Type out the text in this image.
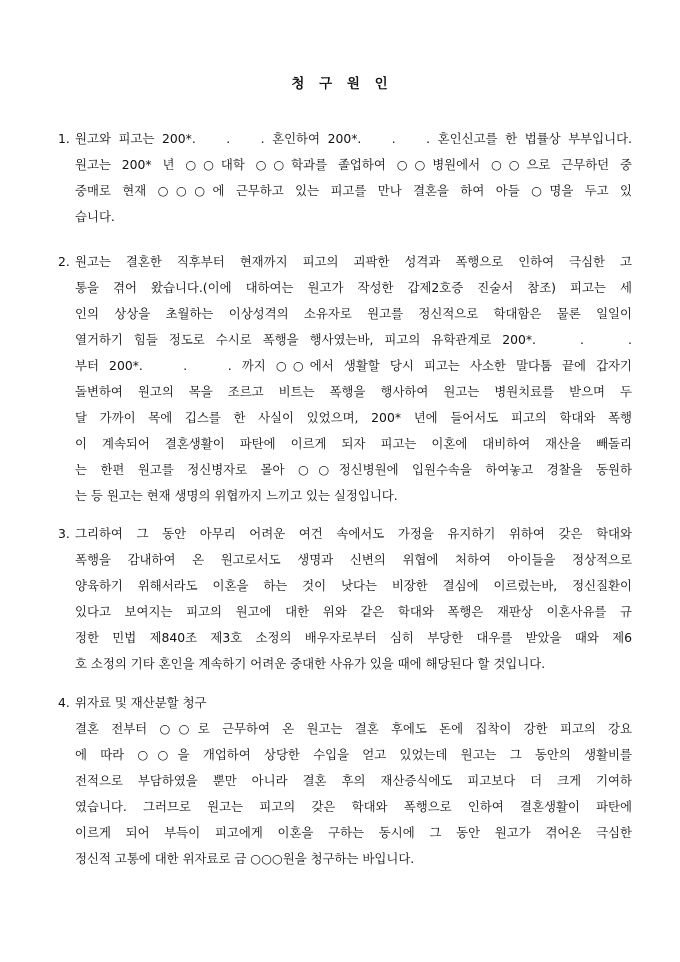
청 구 원 인
1. 원고와 피고는 200*.    .    . 혼인하여 200*.    .    . 혼인신고를 한 법률상 부부입니다.
원고는 200* 년 ○○대학 ○○학과를 졸업하여 ○○병원에서 ○○으로 근무하던 중
중매로 현재 ○○○에 근무하고 있는 피고를 만나 결혼을 하여 아들 ○명을 두고 있
습니다.
2. 원고는 결혼한 직후부터 현재까지 피고의 괴팍한 성격과 폭행으로 인하여 극심한 고
통을 겪어 왔습니다.(이에 대하여는 원고가 작성한 갑제2호증 진술서 참조) 피고는 세
인의 상상을 초월하는 이상성격의 소유자로 원고를 정신적으로 학대함은 물론 일일이
열거하기 힘들 정도로 수시로 폭행을 행사였는바, 피고의 유학관계로 200*.    .    .
부터 200*.    .    . 까지 ○○에서 생활할 당시 피고는 사소한 말다툼 끝에 갑자기
돌변하여 원고의 목을 조르고 비트는 폭행을 행사하여 원고는 병원치료를 받으며 두
달 가까이 목에 깁스를 한 사실이 있었으며, 200* 년에 들어서도 피고의 학대와 폭행
이 계속되어 결혼생활이 파탄에 이르게 되자 피고는 이혼에 대비하여 재산을 빼돌리
는 한편 원고를 정신병자로 몰아 ○○정신병원에 입원수속을 하여놓고 경찰을 동원하
는 등 원고는 현재 생명의 위협까지 느끼고 있는 실정입니다.
3. 그리하여 그 동안 아무리 어려운 여건 속에서도 가정을 유지하기 위하여 갖은 학대와
폭행을 감내하여 온 원고로서도 생명과 신변의 위협에 처하여 아이들을 정상적으로
양육하기 위해서라도 이혼을 하는 것이 낫다는 비장한 결심에 이르렀는바, 정신질환이
있다고 보여지는 피고의 원고에 대한 위와 같은 학대와 폭행은 재판상 이혼사유를 규
정한 민법 제840조 제3호 소정의 배우자로부터 심히 부당한 대우를 받았을 때와 제6
호 소정의 기타 혼인을 계속하기 어려운 중대한 사유가 있을 때에 해당된다 할 것입니다.
4. 위자료 및 재산분할 청구
결혼 전부터 ○○로 근무하여 온 원고는 결혼 후에도 돈에 집착이 강한 피고의 강요
에 따라 ○○을 개업하여 상당한 수입을 얻고 있었는데 원고는 그 동안의 생활비를
전적으로 부담하였을 뿐만 아니라 결혼 후의 재산증식에도 피고보다 더 크게 기여하
였습니다. 그러므로 원고는 피고의 갖은 학대와 폭행으로 인하여 결혼생활이 파탄에
이르게 되어 부득이 피고에게 이혼을 구하는 동시에 그 동안 원고가 겪어온 극심한
정신적 고통에 대한 위자료로 금 ○○○원을 청구하는 바입니다.
